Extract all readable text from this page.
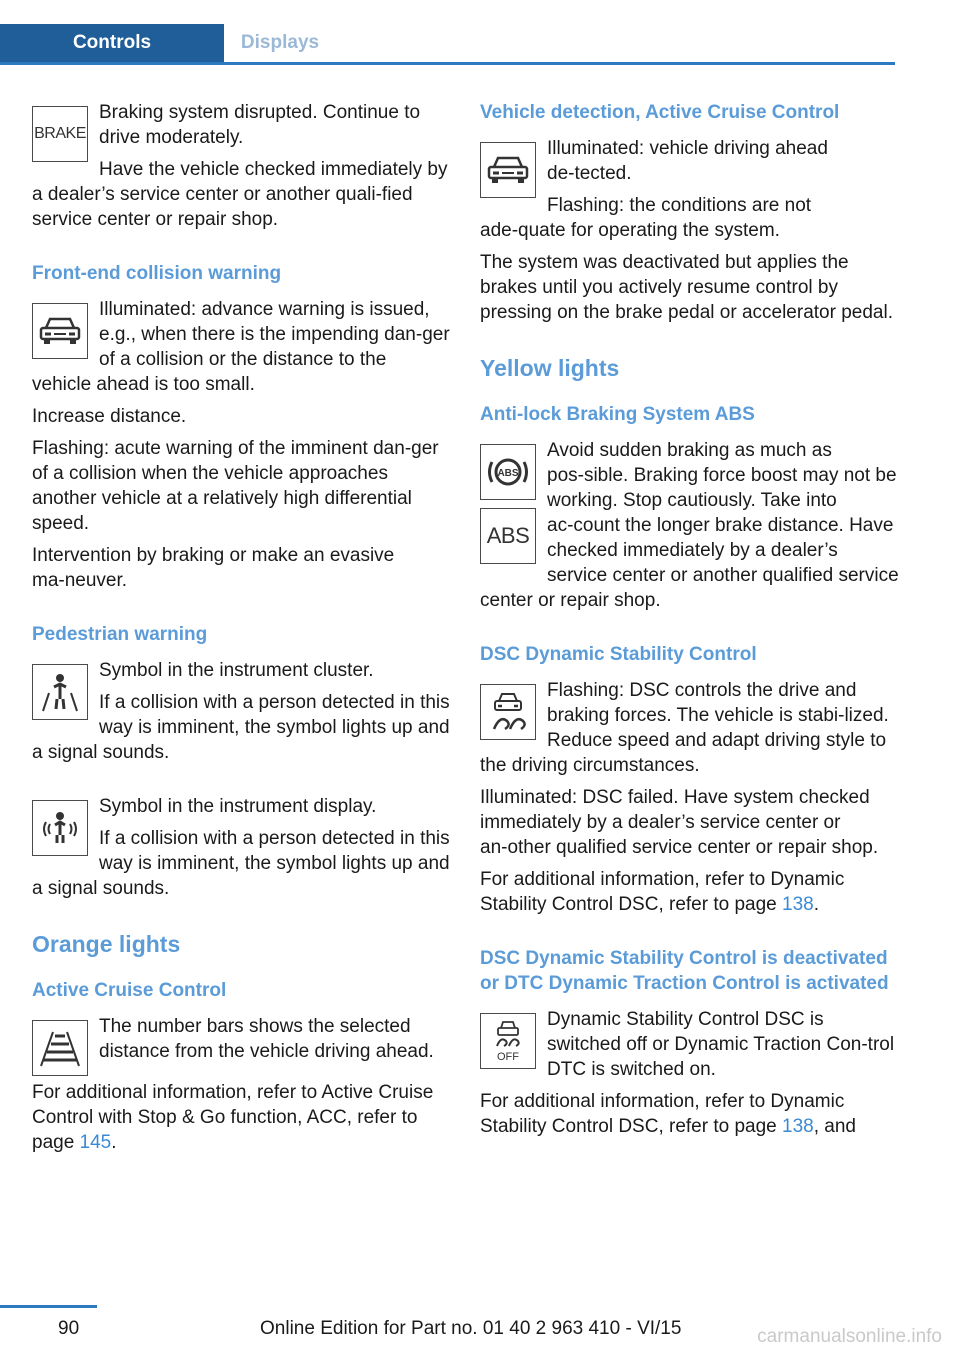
Controls	Displays
BRAKE

Braking system disrupted. Continue to drive moderately.

Have the vehicle checked immediately by a dealer’s service center or another quali‑fied service center or repair shop.

Front-end collision warning

Illuminated: advance warning is issued, e.g., when there is the impending dan‑ger of a collision or the distance to the vehicle ahead is too small.

Increase distance.

Flashing: acute warning of the imminent dan‑ger of a collision when the vehicle approaches another vehicle at a relatively high differential speed.

Intervention by braking or make an evasive ma‑neuver.

Pedestrian warning

Symbol in the instrument cluster.

If a collision with a person detected in this way is imminent, the symbol lights up and a signal sounds.

Symbol in the instrument display.

If a collision with a person detected in this way is imminent, the symbol lights up and a signal sounds.

Orange lights
Active Cruise Control

The number bars shows the selected distance from the vehicle driving ahead.

For additional information, refer to Active Cruise Control with Stop & Go function, ACC, refer to page 145.

Vehicle detection, Active Cruise Control

Illuminated: vehicle driving ahead de‑tected.

Flashing: the conditions are not ade‑quate for operating the system.

The system was deactivated but applies the brakes until you actively resume control by pressing on the brake pedal or accelerator pedal.

Yellow lights
Anti-lock Braking System ABS
ABS
ABS

Avoid sudden braking as much as pos‑sible. Braking force boost may not be working. Stop cautiously. Take into ac‑count the longer brake distance. Have checked immediately by a dealer’s service center or another qualified service center or repair shop.

DSC Dynamic Stability Control

Flashing: DSC controls the drive and braking forces. The vehicle is stabi‑lized. Reduce speed and adapt driving style to the driving circumstances.

Illuminated: DSC failed. Have system checked immediately by a dealer’s service center or an‑other qualified service center or repair shop.

For additional information, refer to Dynamic Stability Control DSC, refer to page 138.

DSC Dynamic Stability Control is deactivated or DTC Dynamic Traction Control is activated
OFF

Dynamic Stability Control DSC is switched off or Dynamic Traction Con‑trol DTC is switched on.

For additional information, refer to Dynamic Stability Control DSC, refer to page 138, and

90	Online Edition for Part no. 01 40 2 963 410 - VI/15	carmanualsonline.info
